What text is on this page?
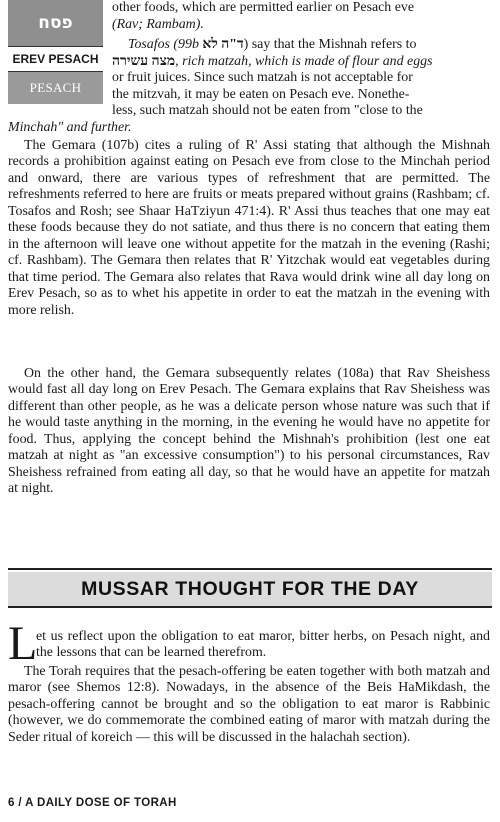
פסח
EREV PESACH
PESACH
other foods, which are permitted earlier on Pesach eve
(Rav; Rambam).
Tosafos (99b ד"ה לא) say that the Mishnah refers to
מצה עשירה, rich matzah, which is made of flour and eggs
or fruit juices. Since such matzah is not acceptable for
the mitzvah, it may be eaten on Pesach eve. Nonethe-
less, such matzah should not be eaten from "close to the
Minchah" and further.
The Gemara (107b) cites a ruling of R' Assi stating that although the Mishnah records a prohibition against eating on Pesach eve from close to the Minchah period and onward, there are various types of refreshment that are permitted. The refreshments referred to here are fruits or meats prepared without grains (Rashbam; cf. Tosafos and Rosh; see Shaar HaTziyun 471:4). R' Assi thus teaches that one may eat these foods because they do not satiate, and thus there is no concern that eating them in the afternoon will leave one without appetite for the matzah in the evening (Rashi; cf. Rashbam). The Gemara then relates that R' Yitzchak would eat vegetables during that time period. The Gemara also relates that Rava would drink wine all day long on Erev Pesach, so as to whet his appetite in order to eat the matzah in the evening with more relish.
On the other hand, the Gemara subsequently relates (108a) that Rav Sheishess would fast all day long on Erev Pesach. The Gemara explains that Rav Sheishess was different than other people, as he was a delicate person whose nature was such that if he would taste anything in the morning, in the evening he would have no appetite for food. Thus, applying the concept behind the Mishnah's prohibition (lest one eat matzah at night as "an excessive consumption") to his personal circumstances, Rav Sheishess refrained from eating all day, so that he would have an appetite for matzah at night.
MUSSAR THOUGHT FOR THE DAY
L
et us reflect upon the obligation to eat maror, bitter herbs, on Pesach night, and the lessons that can be learned therefrom.
The Torah requires that the pesach-offering be eaten together with both matzah and maror (see Shemos 12:8). Nowadays, in the absence of the Beis HaMikdash, the pesach-offering cannot be brought and so the obligation to eat maror is Rabbinic (however, we do commemorate the combined eating of maror with matzah during the Seder ritual of koreich — this will be discussed in the halachah section).
6 / A DAILY DOSE OF TORAH
